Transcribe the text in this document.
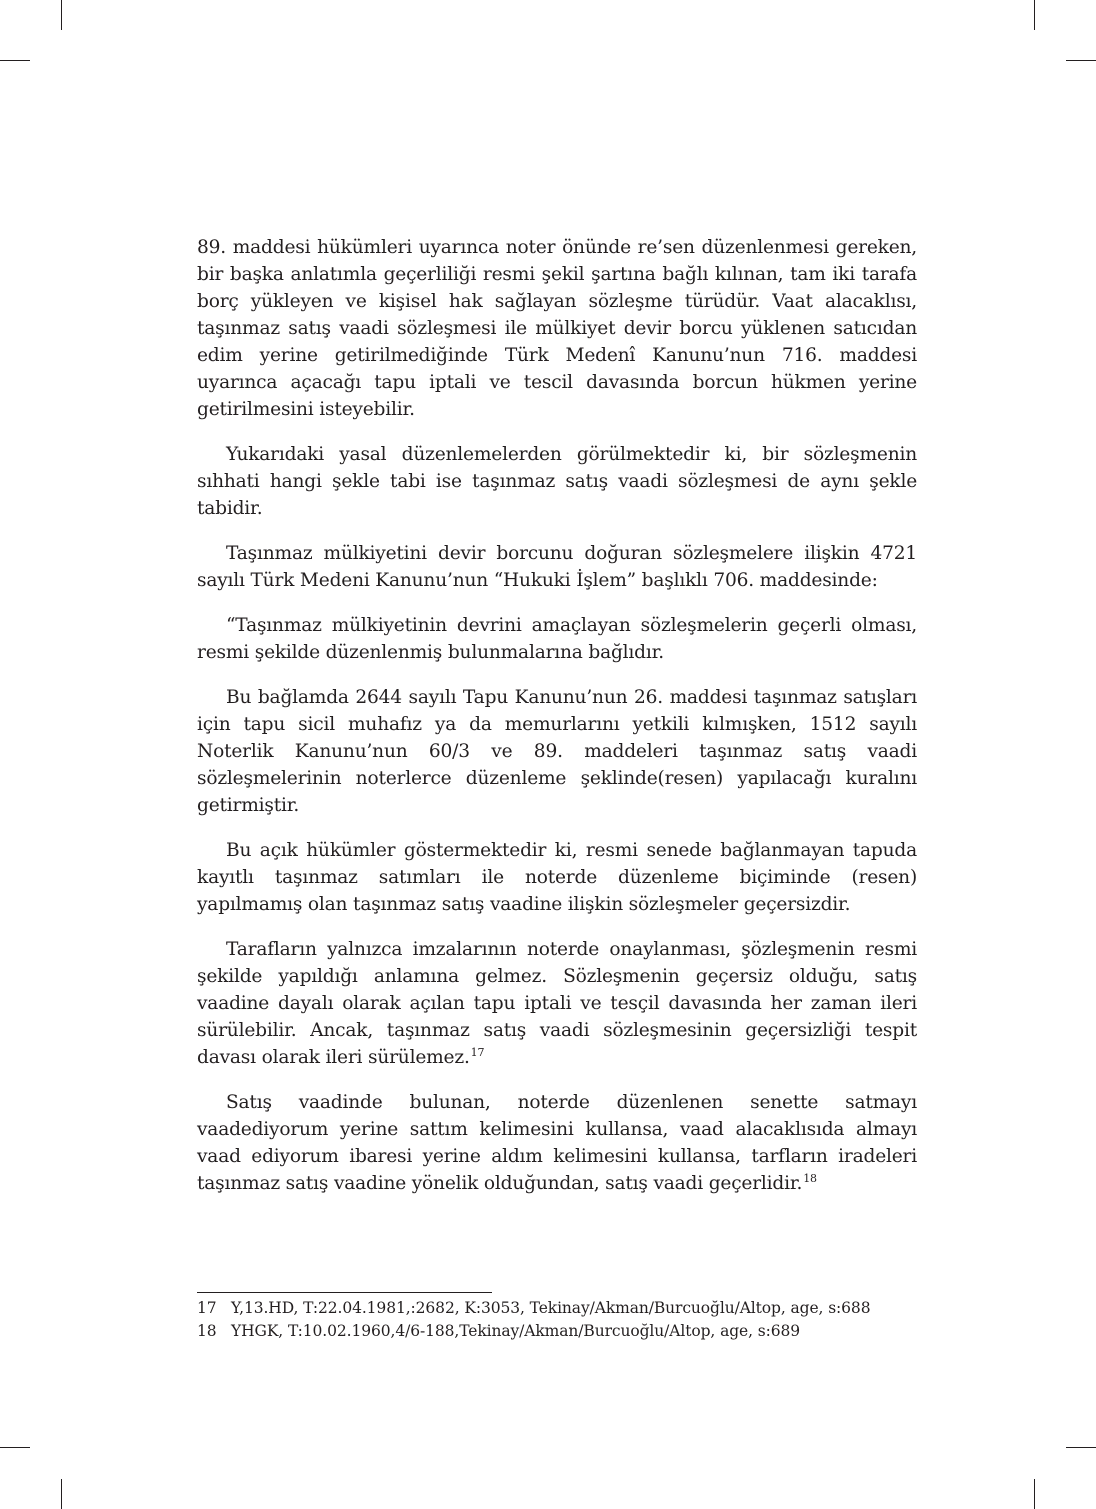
89. maddesi hükümleri uyarınca noter önünde re’sen düzenlenmesi gereken, bir başka anlatımla geçerliliği resmi şekil şartına bağlı kılınan, tam iki tarafa borç yükleyen ve kişisel hak sağlayan sözleşme türüdür. Vaat alacaklısı, taşınmaz satış vaadi sözleşmesi ile mülkiyet devir borcu yüklenen satıcıdan edim yerine getirilmediğinde Türk Medenî Kanunu’nun 716. maddesi uyarınca açacağı tapu iptali ve tescil davasında borcun hükmen yerine getirilmesini isteyebilir.

Yukarıdaki yasal düzenlemelerden görülmektedir ki, bir sözleşmenin sıhhati hangi şekle tabi ise taşınmaz satış vaadi sözleşmesi de aynı şekle tabidir.

Taşınmaz mülkiyetini devir borcunu doğuran sözleşmelere ilişkin 4721 sayılı Türk Medeni Kanunu’nun “Hukuki İşlem” başlıklı 706. maddesinde:

“Taşınmaz mülkiyetinin devrini amaçlayan sözleşmelerin geçerli olması, resmi şekilde düzenlenmiş bulunmalarına bağlıdır.

Bu bağlamda 2644 sayılı Tapu Kanunu’nun 26. maddesi taşınmaz satışları için tapu sicil muhafız ya da memurlarını yetkili kılmışken, 1512 sayılı Noterlik Kanunu’nun 60/3 ve 89. maddeleri taşınmaz satış vaadi sözleşmelerinin noterlerce düzenleme şeklinde(resen) yapılacağı kuralını getirmiştir.

Bu açık hükümler göstermektedir ki, resmi senede bağlanmayan tapuda kayıtlı taşınmaz satımları ile noterde düzenleme biçiminde (resen) yapılmamış olan taşınmaz satış vaadine ilişkin sözleşmeler geçersizdir.

Tarafların yalnızca imzalarının noterde onaylanması, şözleşmenin resmi şekilde yapıldığı anlamına gelmez. Sözleşmenin geçersiz olduğu, satış vaadine dayalı olarak açılan tapu iptali ve tesçil davasında her zaman ileri sürülebilir. Ancak, taşınmaz satış vaadi sözleşmesinin geçersizliği tespit davası olarak ileri sürülemez.$^{17}$

Satış vaadinde bulunan, noterde düzenlenen senette satmayı vaadediyorum yerine sattım kelimesini kullansa, vaad alacaklısıda almayı vaad ediyorum ibaresi yerine aldım kelimesini kullansa, tarfların iradeleri taşınmaz satış vaadine yönelik olduğundan, satış vaadi geçerlidir.$^{18}$

17 Y,13.HD, T:22.04.1981,:2682, K:3053, Tekinay/Akman/Burcuoğlu/Altop, age, s:688
18 YHGK, T:10.02.1960,4/6-188,Tekinay/Akman/Burcuoğlu/Altop, age, s:689
